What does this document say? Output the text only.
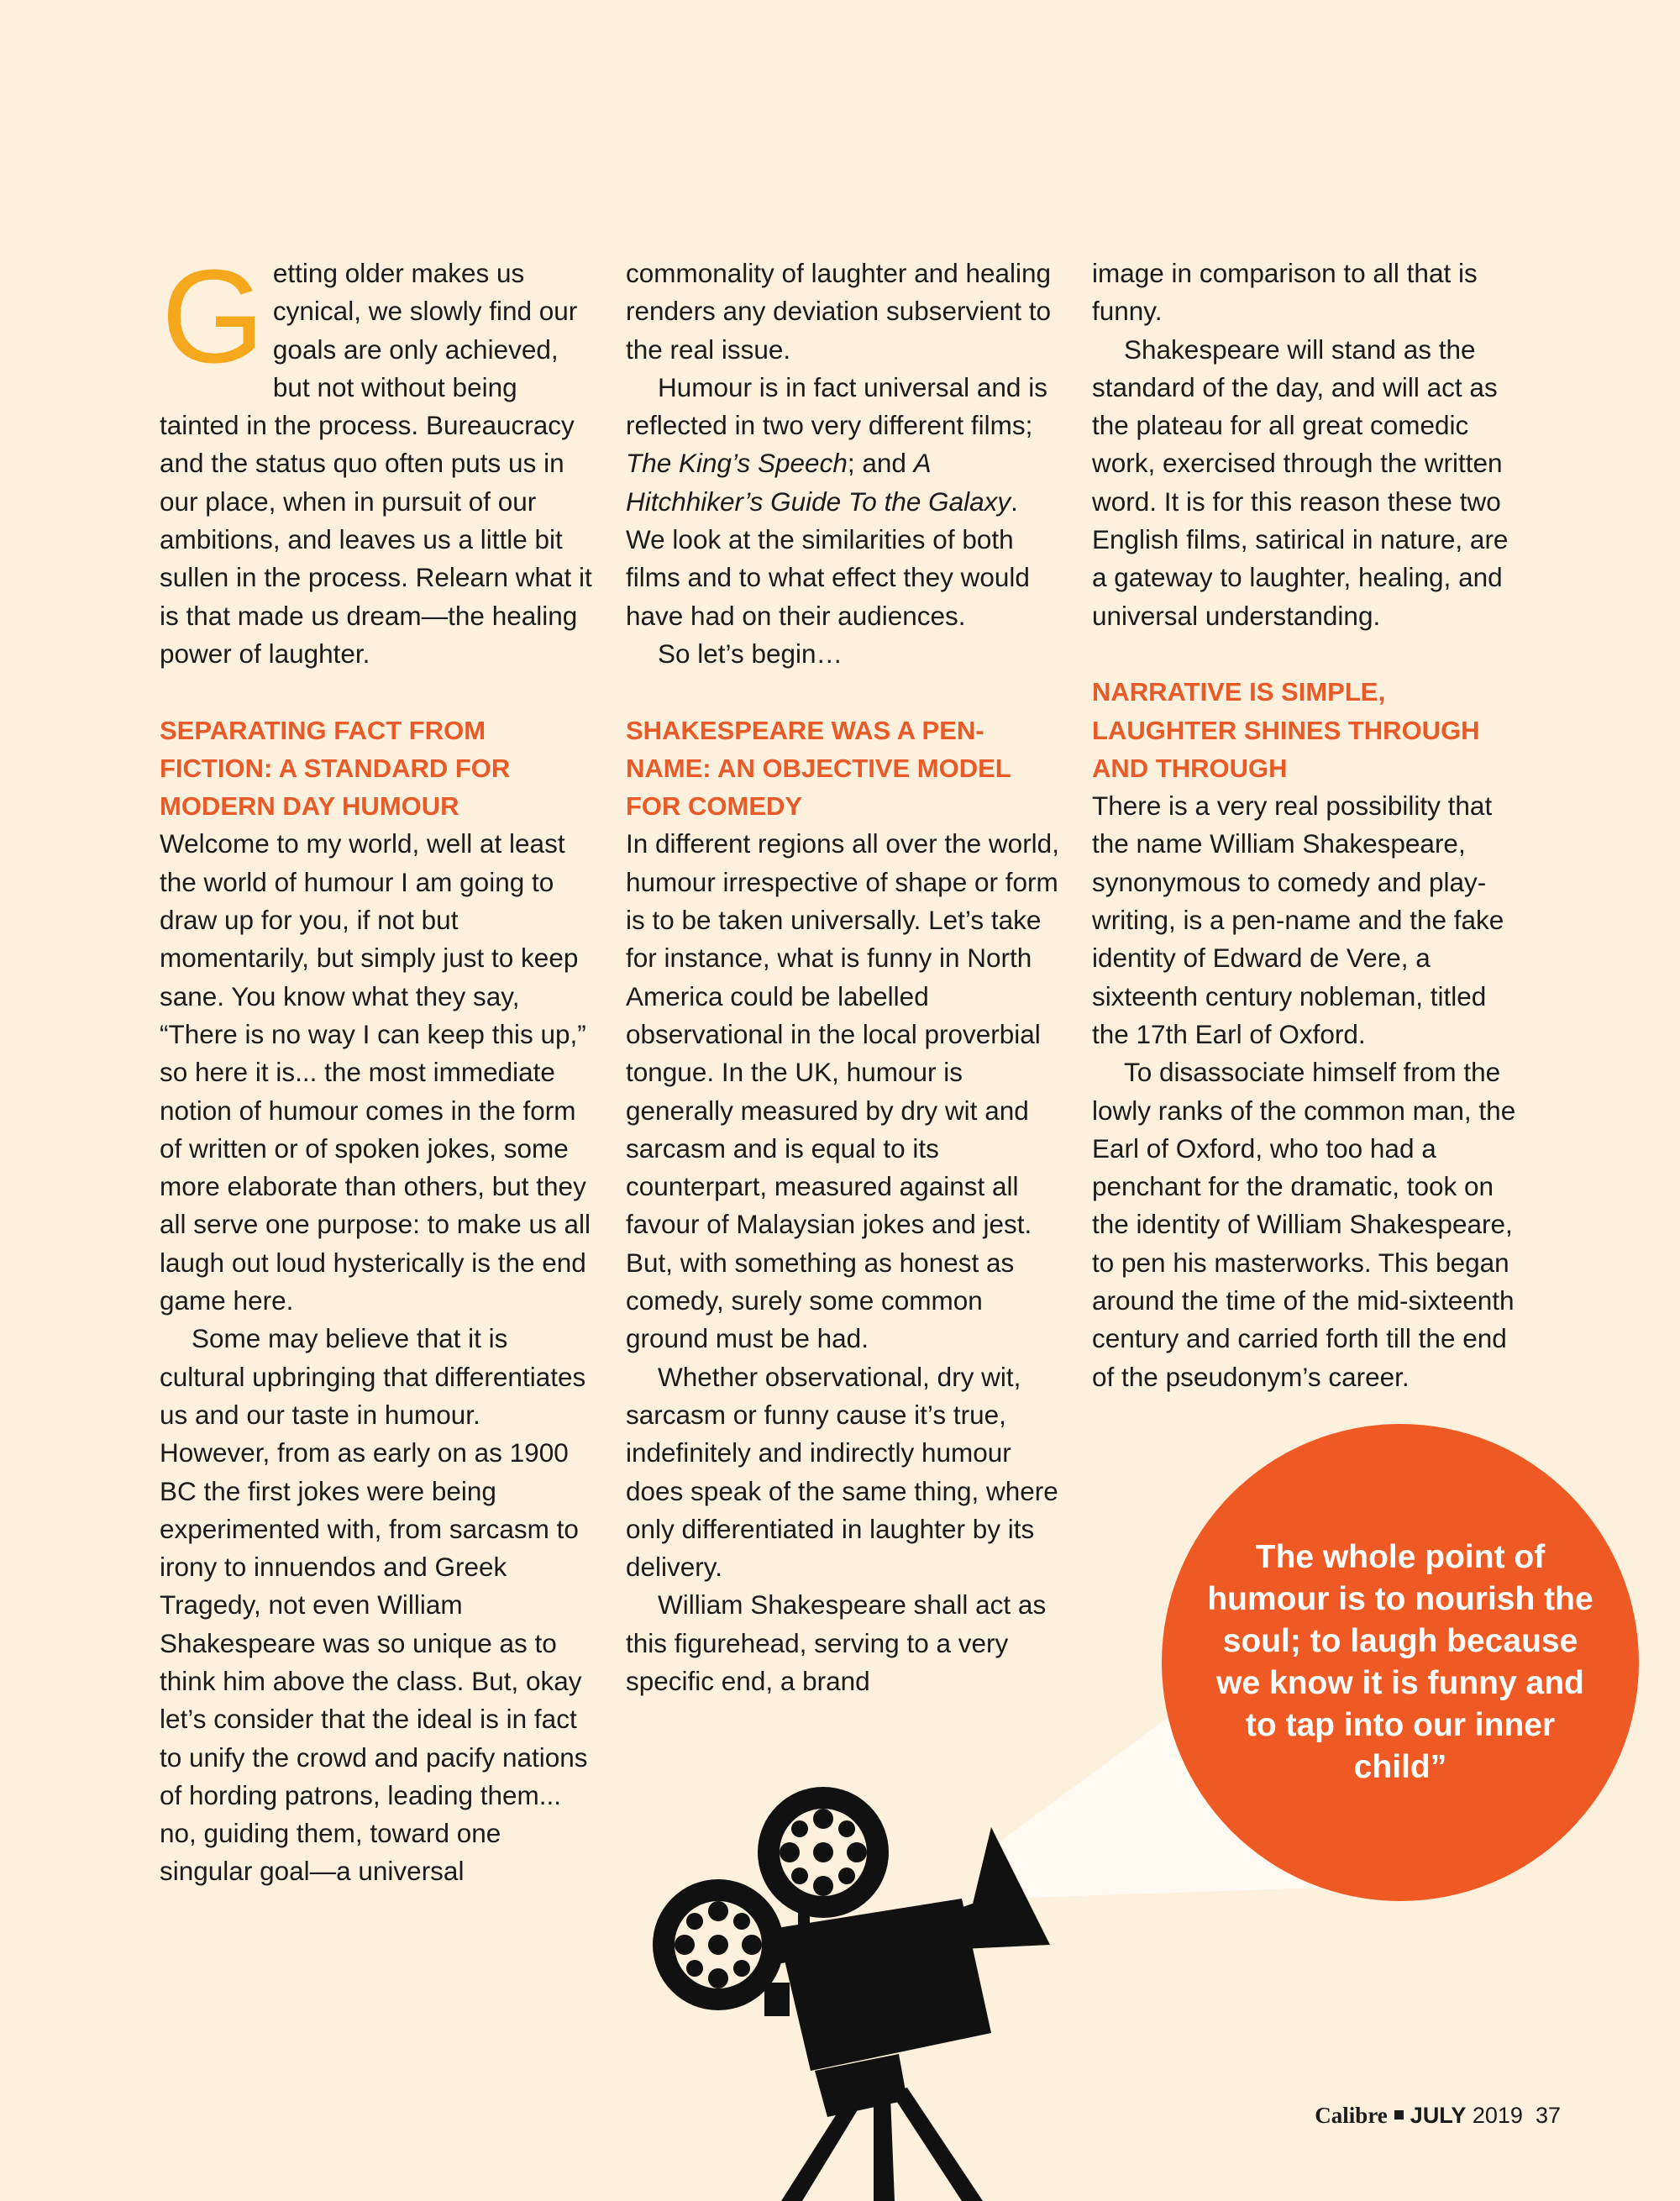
Getting older makes us cynical, we slowly find our goals are only achieved, but not without being tainted in the process. Bureaucracy and the status quo often puts us in our place, when in pursuit of our ambitions, and leaves us a little bit sullen in the process. Relearn what it is that made us dream—the healing power of laughter.

SEPARATING FACT FROM FICTION: A STANDARD FOR MODERN DAY HUMOUR

Welcome to my world, well at least the world of humour I am going to draw up for you, if not but momentarily, but simply just to keep sane. You know what they say, “There is no way I can keep this up,” so here it is... the most immediate notion of humour comes in the form of written or of spoken jokes, some more elaborate than others, but they all serve one purpose: to make us all laugh out loud hysterically is the end game here.

Some may believe that it is cultural upbringing that differentiates us and our taste in humour. However, from as early on as 1900 BC the first jokes were being experimented with, from sarcasm to irony to innuendos and Greek Tragedy, not even William Shakespeare was so unique as to think him above the class. But, okay let’s consider that the ideal is in fact to unify the crowd and pacify nations of hording patrons, leading them... no, guiding them, toward one singular goal—a universal

commonality of laughter and healing renders any deviation subservient to the real issue.

Humour is in fact universal and is reflected in two very different films; The King’s Speech; and A Hitchhiker’s Guide To the Galaxy. We look at the similarities of both films and to what effect they would have had on their audiences.

So let’s begin…

SHAKESPEARE WAS A PEN-NAME: AN OBJECTIVE MODEL FOR COMEDY

In different regions all over the world, humour irrespective of shape or form is to be taken universally. Let’s take for instance, what is funny in North America could be labelled observational in the local proverbial tongue. In the UK, humour is generally measured by dry wit and sarcasm and is equal to its counterpart, measured against all favour of Malaysian jokes and jest. But, with something as honest as comedy, surely some common ground must be had.

Whether observational, dry wit, sarcasm or funny cause it’s true, indefinitely and indirectly humour does speak of the same thing, where only differentiated in laughter by its delivery.

William Shakespeare shall act as this figurehead, serving to a very specific end, a brand

image in comparison to all that is funny.

Shakespeare will stand as the standard of the day, and will act as the plateau for all great comedic work, exercised through the written word. It is for this reason these two English films, satirical in nature, are a gateway to laughter, healing, and universal understanding.

NARRATIVE IS SIMPLE, LAUGHTER SHINES THROUGH AND THROUGH

There is a very real possibility that the name William Shakespeare, synonymous to comedy and play-writing, is a pen-name and the fake identity of Edward de Vere, a sixteenth century nobleman, titled the 17th Earl of Oxford.

To disassociate himself from the lowly ranks of the common man, the Earl of Oxford, who too had a penchant for the dramatic, took on the identity of William Shakespeare, to pen his masterworks. This began around the time of the mid-sixteenth century and carried forth till the end of the pseudonym’s career.

The whole point of humour is to nourish the soul; to laugh because we know it is funny and to tap into our inner child”
Calibre JULY 2019 37
